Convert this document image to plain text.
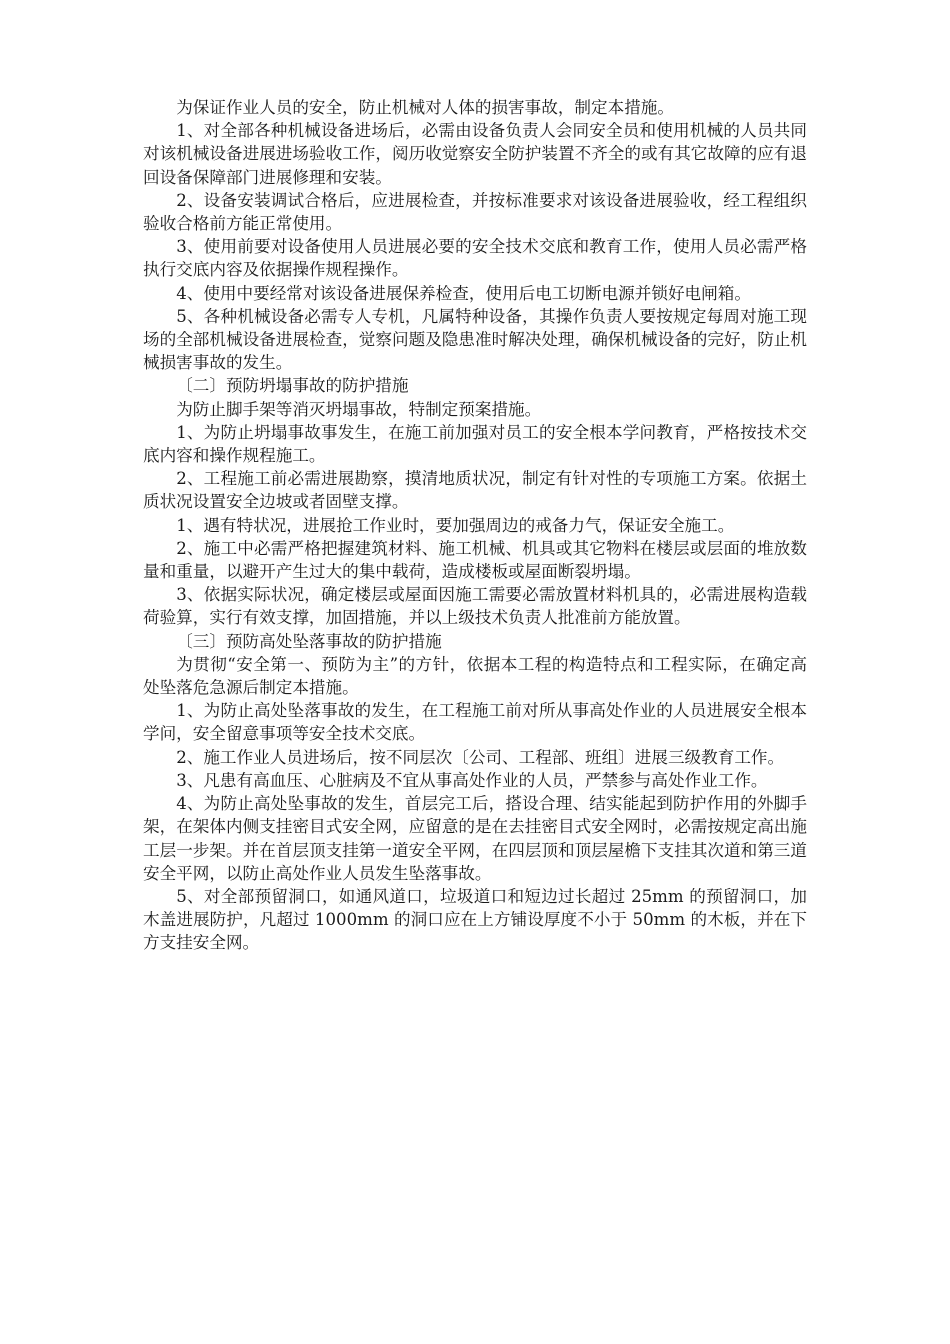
为保证作业人员的安全，防止机械对人体的损害事故，制定本措施。

1、对全部各种机械设备进场后，必需由设备负责人会同安全员和使用机械的人员共同对该机械设备进展进场验收工作，阅历收觉察安全防护装置不齐全的或有其它故障的应有退回设备保障部门进展修理和安装。

2、设备安装调试合格后，应进展检查，并按标准要求对该设备进展验收，经工程组织验收合格前方能正常使用。

3、使用前要对设备使用人员进展必要的安全技术交底和教育工作，使用人员必需严格执行交底内容及依据操作规程操作。

4、使用中要经常对该设备进展保养检查，使用后电工切断电源并锁好电闸箱。

5、各种机械设备必需专人专机，凡属特种设备，其操作负责人要按规定每周对施工现场的全部机械设备进展检查，觉察问题及隐患准时解决处理，确保机械设备的完好，防止机械损害事故的发生。

〔二〕预防坍塌事故的防护措施

为防止脚手架等消灭坍塌事故，特制定预案措施。

1、为防止坍塌事故事发生，在施工前加强对员工的安全根本学问教育，严格按技术交底内容和操作规程施工。

2、工程施工前必需进展勘察，摸清地质状况，制定有针对性的专项施工方案。依据土质状况设置安全边坡或者固壁支撑。

1、遇有特状况，进展抢工作业时，要加强周边的戒备力气，保证安全施工。

2、施工中必需严格把握建筑材料、施工机械、机具或其它物料在楼层或层面的堆放数量和重量，以避开产生过大的集中载荷，造成楼板或屋面断裂坍塌。

3、依据实际状况，确定楼层或屋面因施工需要必需放置材料机具的，必需进展构造载荷验算，实行有效支撑，加固措施，并以上级技术负责人批准前方能放置。

〔三〕预防高处坠落事故的防护措施

为贯彻“安全第一、预防为主”的方针，依据本工程的构造特点和工程实际，在确定高处坠落危急源后制定本措施。

1、为防止高处坠落事故的发生，在工程施工前对所从事高处作业的人员进展安全根本学问，安全留意事项等安全技术交底。

2、施工作业人员进场后，按不同层次〔公司、工程部、班组〕进展三级教育工作。

3、凡患有高血压、心脏病及不宜从事高处作业的人员，严禁参与高处作业工作。

4、为防止高处坠事故的发生，首层完工后，搭设合理、结实能起到防护作用的外脚手架，在架体内侧支挂密目式安全网，应留意的是在去挂密目式安全网时，必需按规定高出施工层一步架。并在首层顶支挂第一道安全平网，在四层顶和顶层屋檐下支挂其次道和第三道安全平网，以防止高处作业人员发生坠落事故。

5、对全部预留洞口，如通风道口，垃圾道口和短边过长超过 25mm 的预留洞口，加木盖进展防护，凡超过 1000mm 的洞口应在上方铺设厚度不小于 50mm 的木板，并在下方支挂安全网。
